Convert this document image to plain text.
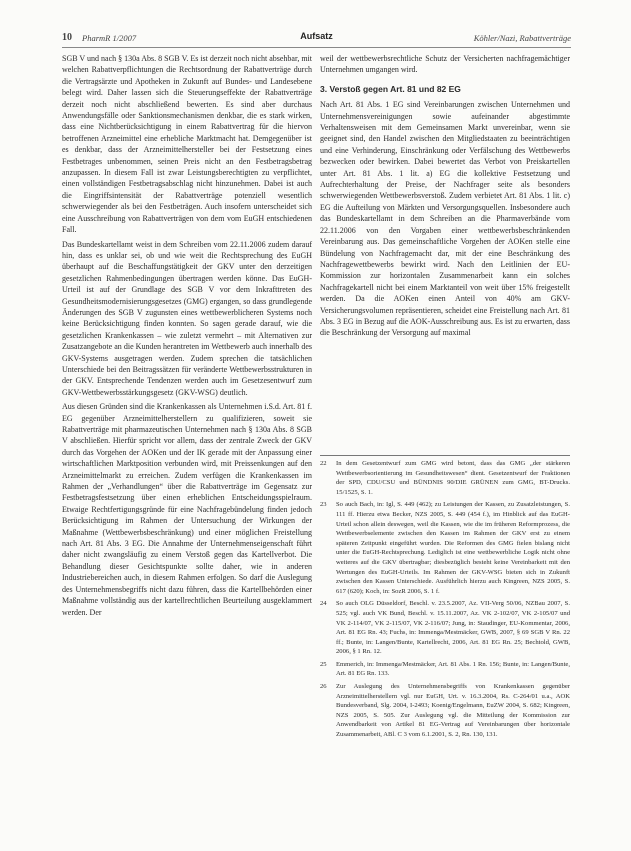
10 PharmR 1/2007	Aufsatz	Köhler/Nazi, Rabattverträge

SGB V und nach § 130a Abs. 8 SGB V. Es ist derzeit noch nicht absehbar, mit welchen Rabattverpflichtungen die Rechtsordnung der Rabattverträge durch die Vertragsärzte und Apotheken in Zukunft auf Bundes- und Landesebene belegt wird. Daher lassen sich die Steuerungseffekte der Rabattverträge derzeit noch nicht abschließend bewerten. Es sind aber durchaus Anwendungsfälle oder Sanktionsmechanismen denkbar, die es stark wirken, dass eine Nichtberücksichtigung in einem Rabattvertrag für die hiervon betroffenen Arzneimittel eine erhebliche Marktmacht hat. Demgegenüber ist es denkbar, dass der Arzneimittelhersteller bei der Festsetzung eines Festbetrages unbenommen, seinen Preis nicht an den Festbetragsbetrag anzupassen. In diesem Fall ist zwar Leistungsberechtigten zu verpflichtet, einen vollständigen Festbetragsabschlag nicht hinzunehmen. Dabei ist auch die Eingriffsintensität der Rabattverträge potenziell wesentlich schwerwiegender als bei den Festbeträgen. Auch insofern unterscheidet sich eine Ausschreibung von Rabattverträgen von dem vom EuGH entschiedenen Fall.

Das Bundeskartellamt weist in dem Schreiben vom 22.11.2006 zudem darauf hin, dass es unklar sei, ob und wie weit die Rechtsprechung des EuGH überhaupt auf die Beschaffungstätigkeit der GKV unter den derzeitigen gesetzlichen Rahmenbedingungen übertragen werden könne. Das EuGH-Urteil ist auf der Grundlage des SGB V vor dem Inkrafttreten des Gesundheitsmodernisierungsgesetzes (GMG) ergangen, so dass grundlegende Änderungen des SGB V zugunsten eines wettbewerblicheren Systems noch keine Berücksichtigung finden konnten. So sagen gerade darauf, wie die gesetzlichen Krankenkassen – wie zuletzt vermehrt – mit Alternativen zur Zusatzangebote an die Kunden herantreten im Wettbewerb auch innerhalb des GKV-Systems ausgetragen werden. Zudem sprechen die tatsächlichen Unterschiede bei den Beitragssätzen für veränderte Wettbewerbsstrukturen in der GKV. Entsprechende Tendenzen werden auch im Gesetzesentwurf zum GKV-Wettbewerbsstärkungsgesetz (GKV-WSG) deutlich.

Aus diesen Gründen sind die Krankenkassen als Unternehmen i.S.d. Art. 81 f. EG gegenüber Arzneimittelherstellern zu qualifizieren, soweit sie Rabattverträge mit pharmazeutischen Unternehmen nach § 130a Abs. 8 SGB V abschließen. Hierfür spricht vor allem, dass der zentrale Zweck der GKV durch das Vorgehen der AOKen und der IK gerade mit der Anpassung einer wirtschaftlichen Marktposition verbunden wird, mit Preissenkungen auf den Arzneimittelmarkt zu erreichen. Zudem verfügen die Krankenkassen im Rahmen der „Verhandlungen“ über die Rabattverträge im Gegensatz zur Festbetragsfestsetzung über einen erheblichen Entscheidungsspielraum. Etwaige Rechtfertigungsgründe für eine Nachfragebündelung finden jedoch Berücksichtigung im Rahmen der Untersuchung der Wirkungen der Maßnahme (Wettbewerbsbeschränkung) und einer möglichen Freistellung nach Art. 81 Abs. 3 EG. Die Annahme der Unternehmenseigenschaft führt daher nicht zwangsläufig zu einem Verstoß gegen das Kartellverbot. Die Behandlung dieser Gesichtspunkte sollte daher, wie in anderen Industriebereichen auch, in diesem Rahmen erfolgen. So darf die Auslegung des Unternehmensbegriffs nicht dazu führen, dass die Kartellbehörden einer Maßnahme vollständig aus der kartellrechtlichen Beurteilung ausgeklammert werden. Der

weil der wettbewerbsrechtliche Schutz der Versicherten nachfragemächtiger Unternehmen umgangen wird.

3. Verstoß gegen Art. 81 und 82 EG

Nach Art. 81 Abs. 1 EG sind Vereinbarungen zwischen Unternehmen und Unternehmensvereinigungen sowie aufeinander abgestimmte Verhaltensweisen mit dem Gemeinsamen Markt unvereinbar, wenn sie geeignet sind, den Handel zwischen den Mitgliedstaaten zu beeinträchtigen und eine Verhinderung, Einschränkung oder Verfälschung des Wettbewerbs bezwecken oder bewirken. Dabei bewertet das Verbot von Preiskartellen unter Art. 81 Abs. 1 lit. a) EG die kollektive Festsetzung und Aufrechterhaltung der Preise, der Nachfrager seite als besonders schwerwiegenden Wettbewerbsverstoß. Zudem verbietet Art. 81 Abs. 1 lit. c) EG die Aufteilung von Märkten und Versorgungsquellen. Insbesondere auch das Bundeskartellamt in dem Schreiben an die Pharmaverbände vom 22.11.2006 von den Vorgaben einer wettbewerbsbeschränkenden Vereinbarung aus. Das gemeinschaftliche Vorgehen der AOKen stelle eine Bündelung von Nachfragemacht dar, mit der eine Beschränkung des Nachfragewettbewerbs bewirkt wird. Nach den Leitlinien der EU-Kommission zur horizontalen Zusammenarbeit kann ein solches Nachfragekartell nicht bei einem Marktanteil von weit über 15% freigestellt werden. Da die AOKen einen Anteil von 40% am GKV-Versicherungsvolumen repräsentieren, scheidet eine Freistellung nach Art. 81 Abs. 3 EG in Bezug auf die AOK-Ausschreibung aus. Es ist zu erwarten, dass die Beschränkung der Versorgung auf maximal

22	In dem Gesetzentwurf zum GMG wird betont, dass das GMG „der stärkeren Wettbewerbsorientierung im Gesundheitswesen“ dient. Gesetzentwurf der Fraktionen der SPD, CDU/CSU und BÜNDNIS 90/DIE GRÜNEN zum GMG, BT-Drucks. 15/1525, S. 1.
23	So auch Bach, in: Igl, S. 449 (462); zu Leistungen der Kassen, zu Zusatzleistungen, S. 111 ff. Hierzu etwa Becker, NZS 2005, S. 449 (454 f.), im Hinblick auf das EuGH-Urteil schon allein deswegen, weil die Kassen, wie die im früheren Reformprozess, die Wettbewerbselemente zwischen den Kassen im Rahmen der GKV erst zu einem späteren Zeitpunkt eingeführt wurden. Die Reformen des GMG fielen bislang nicht unter die EuGH-Rechtsprechung. Lediglich ist eine wettbewerbliche Logik nicht ohne weiteres auf die GKV übertragbar; diesbezüglich besteht keine Vereinbarkeit mit den Wertungen des EuGH-Urteils. Im Rahmen der GKV-WSG bieten sich in Zukunft zwischen den Kassen Unterschiede. Ausführlich hierzu auch Kingreen, NZS 2005, S. 617 (620); Koch, in: SozR 2006, S. 1 f.
24	So auch OLG Düsseldorf, Beschl. v. 23.5.2007, Az. VII-Verg 50/06, NZBau 2007, S. 525; vgl. auch VK Bund, Beschl. v. 15.11.2007, Az. VK 2-102/07, VK 2-105/07 und VK 2-114/07, VK 2-115/07, VK 2-116/07; Jung, in: Staudinger, EU-Kommentar, 2006, Art. 81 EG Rn. 43; Fuchs, in: Immenga/Mestmäcker, GWB, 2007, § 69 SGB V Rn. 22 ff.; Bunte, in: Langen/Bunte, Kartellrecht, 2006, Art. 81 EG Rn. 25; Bechtold, GWB, 2006, § 1 Rn. 12.
25	Emmerich, in: Immenga/Mestmäcker, Art. 81 Abs. 1 Rn. 156; Bunte, in: Langen/Bunte, Art. 81 EG Rn. 133.
26	Zur Auslegung des Unternehmensbegriffs von Krankenkassen gegenüber Arzneimittelherstellern vgl. nur EuGH, Urt. v. 16.3.2004, Rs. C-264/01 u.a., AOK Bundesverband, Slg. 2004, I-2493; Koenig/Engelmann, EuZW 2004, S. 682; Kingreen, NZS 2005, S. 505. Zur Auslegung vgl. die Mitteilung der Kommission zur Anwendbarkeit von Artikel 81 EG-Vertrag auf Vereinbarungen über horizontale Zusammenarbeit, ABl. C 3 vom 6.1.2001, S. 2, Rn. 130, 131.
